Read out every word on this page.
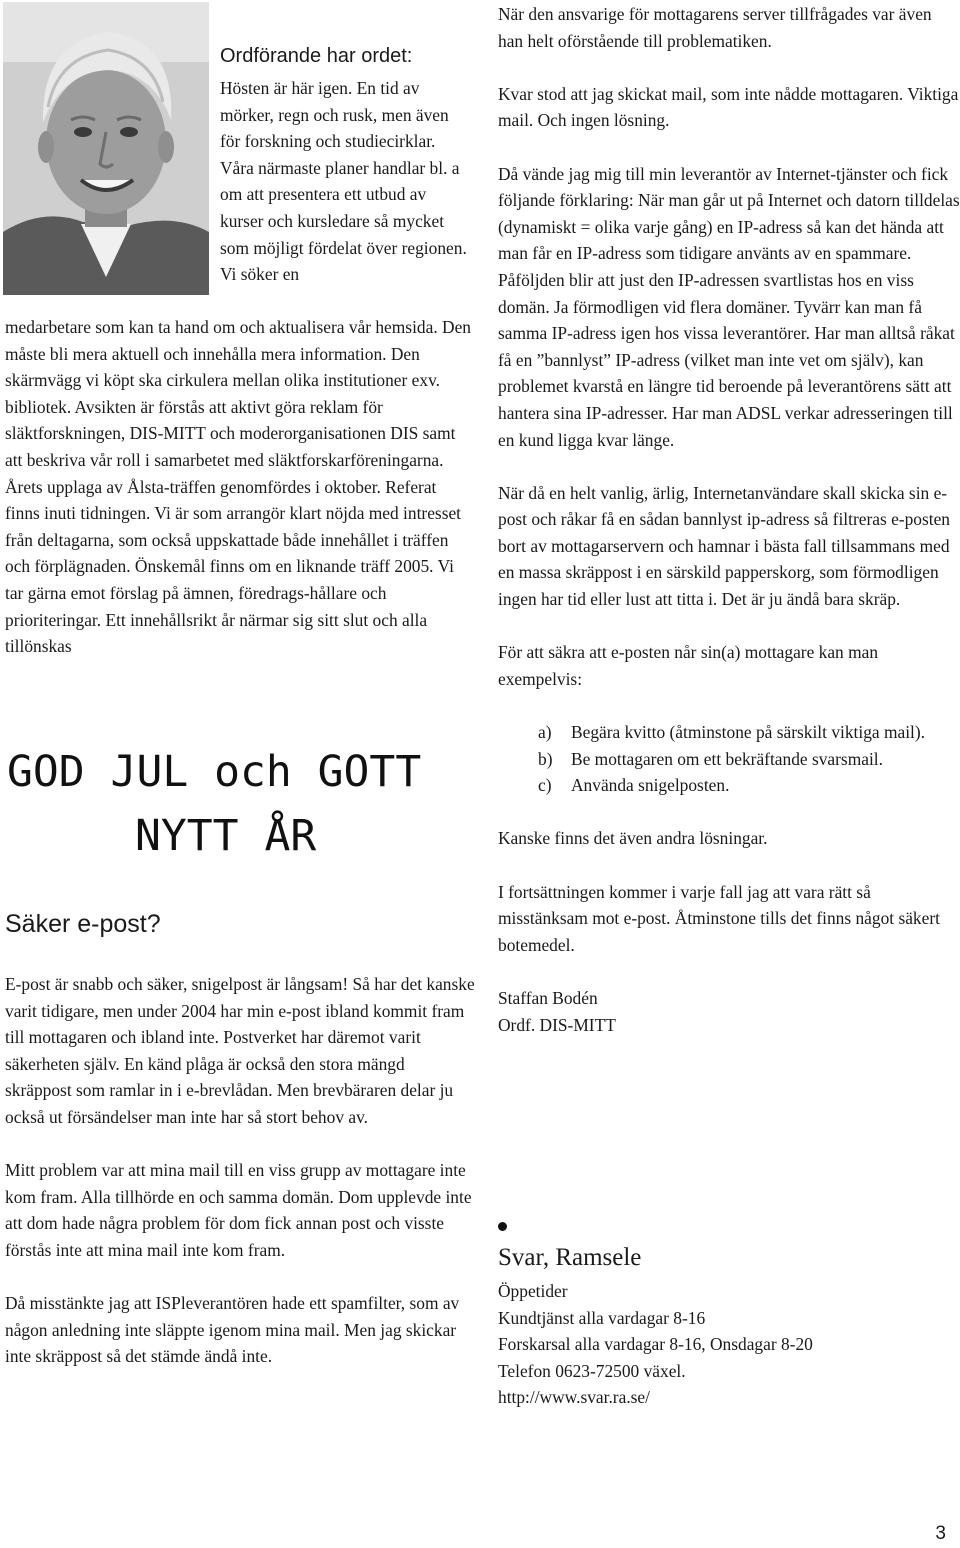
Ordförande har ordet:

Hösten är här igen. En tid av mörker, regn och rusk, men även för forskning och studiecirklar. Våra närmaste planer handlar bl. a om att presentera ett utbud av kurser och kursledare så mycket som möjligt fördelat över regionen. Vi söker en

medarbetare som kan ta hand om och aktualisera vår hemsida. Den måste bli mera aktuell och innehålla mera information. Den skärmvägg vi köpt ska cirkulera mellan olika institutioner exv. bibliotek. Avsikten är förstås att aktivt göra reklam för släktforskningen, DIS-MITT och moderorganisationen DIS samt att beskriva vår roll i samarbetet med släktforskarföreningarna. Årets upplaga av Ålsta-träffen genomfördes i oktober. Referat finns inuti tidningen. Vi är som arrangör klart nöjda med intresset från deltagarna, som också uppskattade både innehållet i träffen och förplägnaden. Önskemål finns om en liknande träff 2005. Vi tar gärna emot förslag på ämnen, föredrags-hållare och prioriteringar. Ett innehållsrikt år närmar sig sitt slut och alla tillönskas

GOD JUL och GOTT
NYTT ÅR
Säker e-post?

E-post är snabb och säker, snigelpost är långsam! Så har det kanske varit tidigare, men under 2004 har min e-post ibland kommit fram till mottagaren och ibland inte. Postverket har däremot varit säkerheten själv. En känd plåga är också den stora mängd skräppost som ramlar in i e-brevlådan. Men brevbäraren delar ju också ut försändelser man inte har så stort behov av.

Mitt problem var att mina mail till en viss grupp av mottagare inte kom fram. Alla tillhörde en och samma domän. Dom upplevde inte att dom hade några problem för dom fick annan post och visste förstås inte att mina mail inte kom fram.

Då misstänkte jag att ISPleverantören hade ett spamfilter, som av någon anledning inte släppte igenom mina mail. Men jag skickar inte skräppost så det stämde ändå inte.

När den ansvarige för mottagarens server tillfrågades var även han helt oförstående till problematiken.

Kvar stod att jag skickat mail, som inte nådde mottagaren. Viktiga mail. Och ingen lösning.

Då vände jag mig till min leverantör av Internet-tjänster och fick följande förklaring: När man går ut på Internet och datorn tilldelas (dynamiskt = olika varje gång) en IP-adress så kan det hända att man får en IP-adress som tidigare använts av en spammare. Påföljden blir att just den IP-adressen svartlistas hos en viss domän. Ja förmodligen vid flera domäner. Tyvärr kan man få samma IP-adress igen hos vissa leverantörer. Har man alltså råkat få en ”bannlyst” IP-adress (vilket man inte vet om själv), kan problemet kvarstå en längre tid beroende på leverantörens sätt att hantera sina IP-adresser. Har man ADSL verkar adresseringen till en kund ligga kvar länge.

När då en helt vanlig, ärlig, Internetanvändare skall skicka sin e-post och råkar få en sådan bannlyst ip-adress så filtreras e-posten bort av mottagarservern och hamnar i bästa fall tillsammans med en massa skräppost i en särskild papperskorg, som förmodligen ingen har tid eller lust att titta i. Det är ju ändå bara skräp.

För att säkra att e-posten når sin(a) mottagare kan man exempelvis:

a) Begära kvitto (åtminstone på särskilt viktiga mail).
b) Be mottagaren om ett bekräftande svarsmail.
c) Använda snigelposten.

Kanske finns det även andra lösningar.

I fortsättningen kommer i varje fall jag att vara rätt så misstänksam mot e-post. Åtminstone tills det finns något säkert botemedel.

Staffan Bodén

Ordf. DIS-MITT

Svar, Ramsele

Öppetider

Kundtjänst alla vardagar 8-16

Forskarsal alla vardagar 8-16, Onsdagar 8-20

Telefon 0623-72500 växel.

http://www.svar.ra.se/

3
